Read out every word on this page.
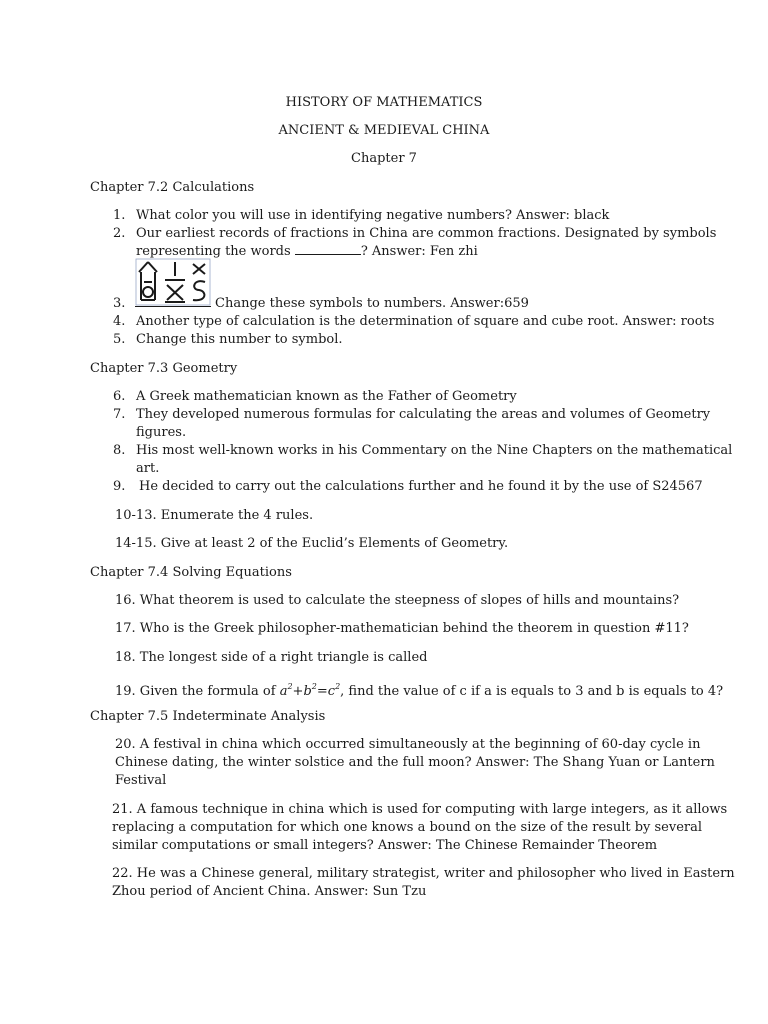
HISTORY OF MATHEMATICS
ANCIENT & MEDIEVAL CHINA
Chapter 7
Chapter 7.2 Calculations
1. What color you will use in identifying negative numbers? Answer: black
2. Our earliest records of fractions in China are common fractions. Designated by symbols
representing the words	? Answer: Fen zhi
3.	Change these symbols to numbers. Answer:659
4. Another type of calculation is the determination of square and cube root. Answer: roots
5. Change this number to symbol.
Chapter 7.3 Geometry
6. A Greek mathematician known as the Father of Geometry
7. They developed numerous formulas for calculating the areas and volumes of Geometry
figures.
8. His most well-known works in his Commentary on the Nine Chapters on the mathematical
art.
9. He decided to carry out the calculations further and he found it by the use of S24567
10-13. Enumerate the 4 rules.
14-15. Give at least 2 of the Euclid’s Elements of Geometry.
Chapter 7.4 Solving Equations
16. What theorem is used to calculate the steepness of slopes of hills and mountains?
17. Who is the Greek philosopher-mathematician behind the theorem in question #11?
18. The longest side of a right triangle is called
19. Given the formula of $a^2+b^2=c^2$, find the value of c if a is equals to 3 and b is equals to 4?
Chapter 7.5 Indeterminate Analysis
20. A festival in china which occurred simultaneously at the beginning of 60-day cycle in
Chinese dating, the winter solstice and the full moon? Answer: The Shang Yuan or Lantern
Festival
21. A famous technique in china which is used for computing with large integers, as it allows
replacing a computation for which one knows a bound on the size of the result by several
similar computations or small integers? Answer: The Chinese Remainder Theorem
22. He was a Chinese general, military strategist, writer and philosopher who lived in Eastern
Zhou period of Ancient China. Answer: Sun Tzu
